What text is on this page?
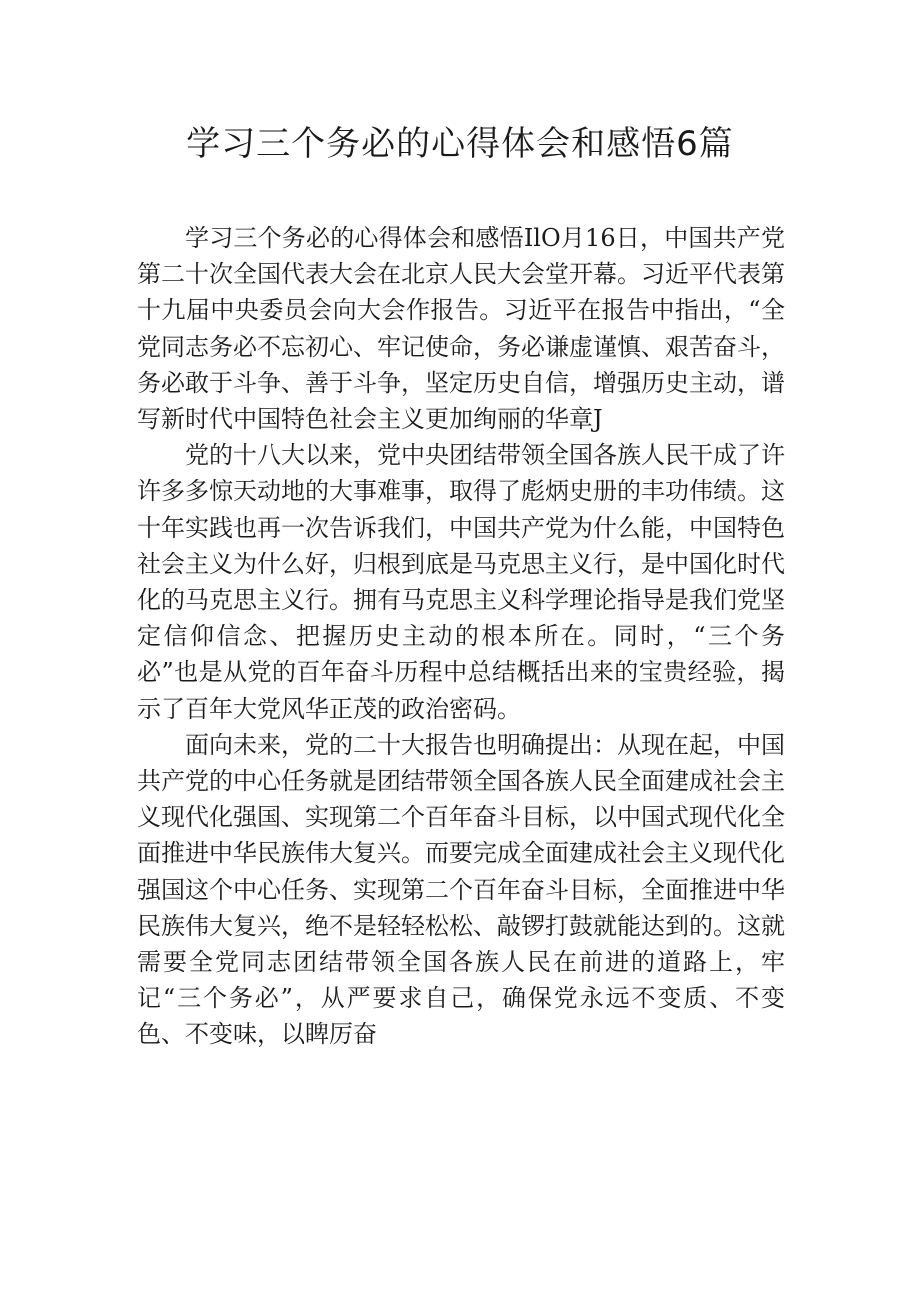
学习三个务必的心得体会和感悟6篇

学习三个务必的心得体会和感悟IlO月16日，中国共产党第二十次全国代表大会在北京人民大会堂开幕。习近平代表第十九届中央委员会向大会作报告。习近平在报告中指出，“全党同志务必不忘初心、牢记使命，务必谦虚谨慎、艰苦奋斗，务必敢于斗争、善于斗争，坚定历史自信，增强历史主动，谱写新时代中国特色社会主义更加绚丽的华章J

党的十八大以来，党中央团结带领全国各族人民干成了许许多多惊天动地的大事难事，取得了彪炳史册的丰功伟绩。这十年实践也再一次告诉我们，中国共产党为什么能，中国特色社会主义为什么好，归根到底是马克思主义行，是中国化时代化的马克思主义行。拥有马克思主义科学理论指导是我们党坚定信仰信念、把握历史主动的根本所在。同时，“三个务必”也是从党的百年奋斗历程中总结概括出来的宝贵经验，揭示了百年大党风华正茂的政治密码。

面向未来，党的二十大报告也明确提出：从现在起，中国共产党的中心任务就是团结带领全国各族人民全面建成社会主义现代化强国、实现第二个百年奋斗目标，以中国式现代化全面推进中华民族伟大复兴。而要完成全面建成社会主义现代化强国这个中心任务、实现第二个百年奋斗目标，全面推进中华民族伟大复兴，绝不是轻轻松松、敲锣打鼓就能达到的。这就需要全党同志团结带领全国各族人民在前进的道路上，牢记“三个务必”，从严要求自己，确保党永远不变质、不变色、不变味，以睥厉奋
